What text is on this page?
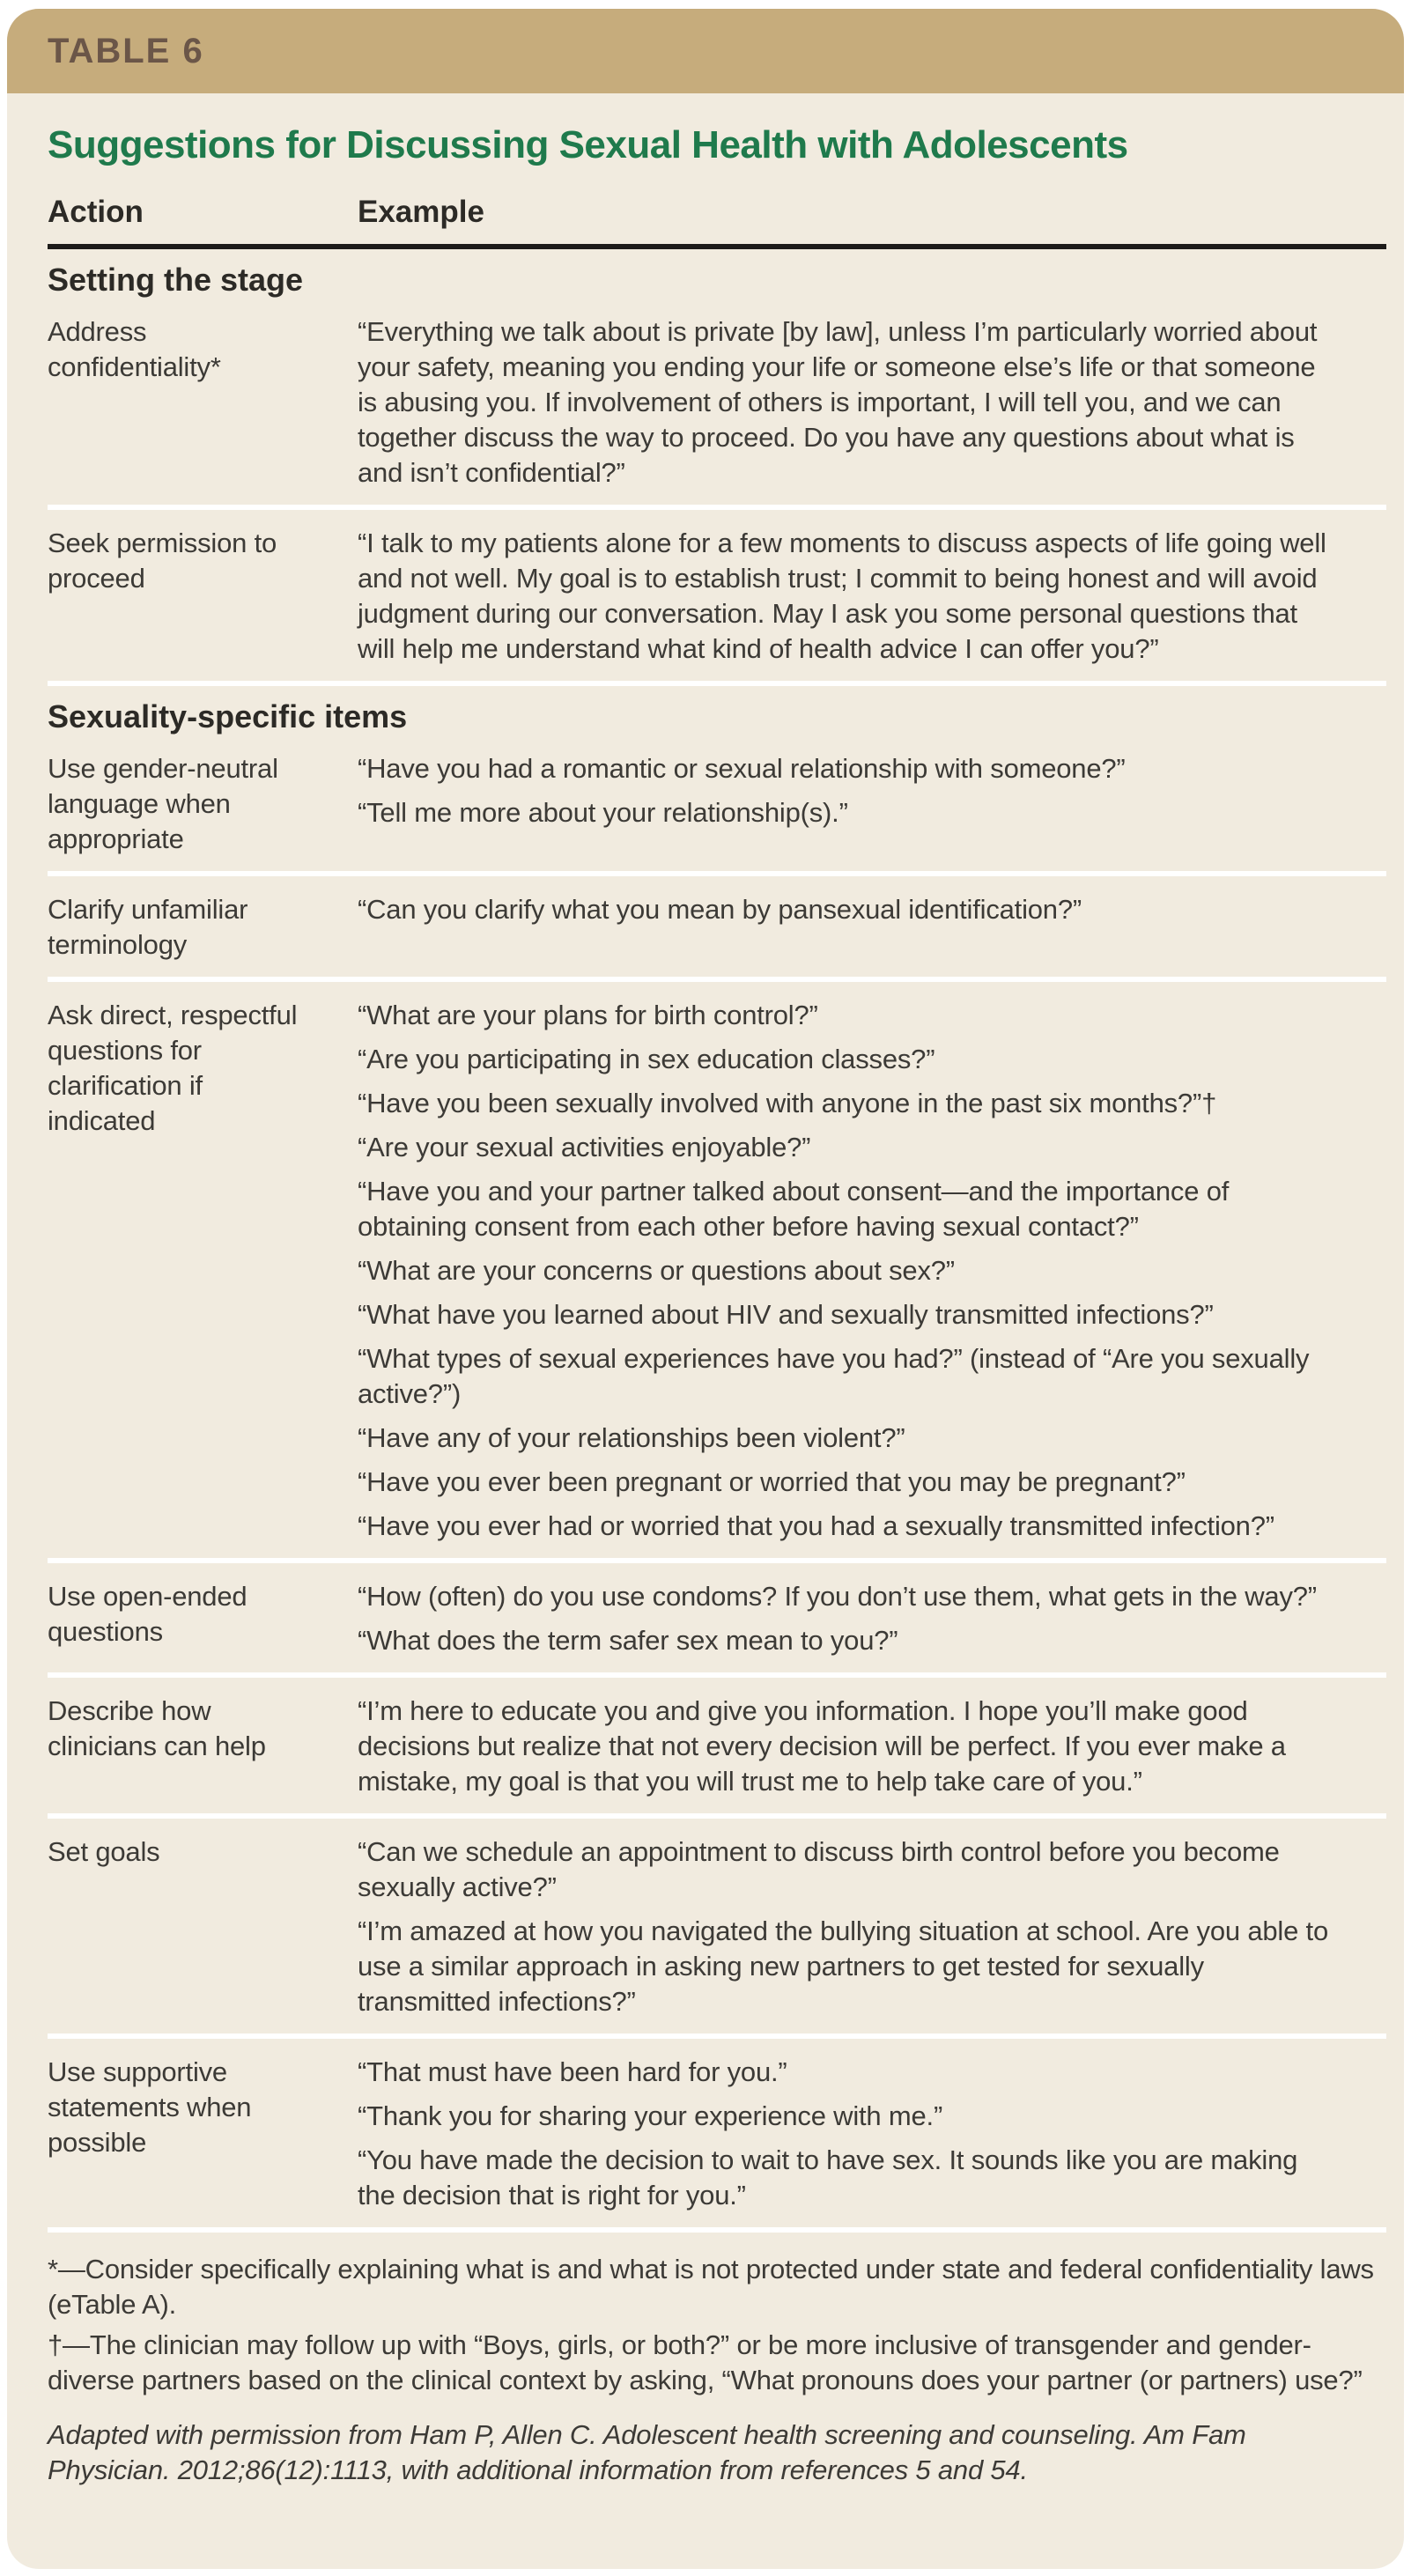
TABLE 6
Suggestions for Discussing Sexual Health with Adolescents
Action	Example
Setting the stage
Address confidentiality*

“Everything we talk about is private [by law], unless I’m particularly worried about your safety, meaning you ending your life or someone else’s life or that someone is abusing you. If involvement of others is important, I will tell you, and we can together discuss the way to proceed. Do you have any questions about what is and isn’t confidential?”

Seek permission to proceed

“I talk to my patients alone for a few moments to discuss aspects of life going well and not well. My goal is to establish trust; I commit to being honest and will avoid judgment during our conversation. May I ask you some personal questions that will help me understand what kind of health advice I can offer you?”

Sexuality-specific items
Use gender-neutral language when appropriate

“Have you had a romantic or sexual relationship with someone?”

“Tell me more about your relationship(s).”

Clarify unfamiliar terminology

“Can you clarify what you mean by pansexual identification?”

Ask direct, respectful questions for clarification if indicated

“What are your plans for birth control?”

“Are you participating in sex education classes?”

“Have you been sexually involved with anyone in the past six months?”†

“Are your sexual activities enjoyable?”

“Have you and your partner talked about consent—and the importance of obtaining consent from each other before having sexual contact?”

“What are your concerns or questions about sex?”

“What have you learned about HIV and sexually transmitted infections?”

“What types of sexual experiences have you had?” (instead of “Are you sexually active?”)

“Have any of your relationships been violent?”

“Have you ever been pregnant or worried that you may be pregnant?”

“Have you ever had or worried that you had a sexually transmitted infection?”

Use open-ended questions

“How (often) do you use condoms? If you don’t use them, what gets in the way?”

“What does the term safer sex mean to you?”

Describe how clinicians can help

“I’m here to educate you and give you information. I hope you’ll make good decisions but realize that not every decision will be perfect. If you ever make a mistake, my goal is that you will trust me to help take care of you.”

Set goals	“Can we schedule an appointment to discuss birth control before you become sexually active?”

“I’m amazed at how you navigated the bullying situation at school. Are you able to use a similar approach in asking new partners to get tested for sexually transmitted infections?”

Use supportive statements when possible

“That must have been hard for you.”

“Thank you for sharing your experience with me.”

“You have made the decision to wait to have sex. It sounds like you are making the decision that is right for you.”

*—Consider specifically explaining what is and what is not protected under state and federal confidentiality laws (eTable A).

†—The clinician may follow up with “Boys, girls, or both?” or be more inclusive of transgender and gender-diverse partners based on the clinical context by asking, “What pronouns does your partner (or partners) use?”

Adapted with permission from Ham P, Allen C. Adolescent health screening and counseling. Am Fam Physician. 2012;86(12):1113, with additional information from references 5 and 54.
